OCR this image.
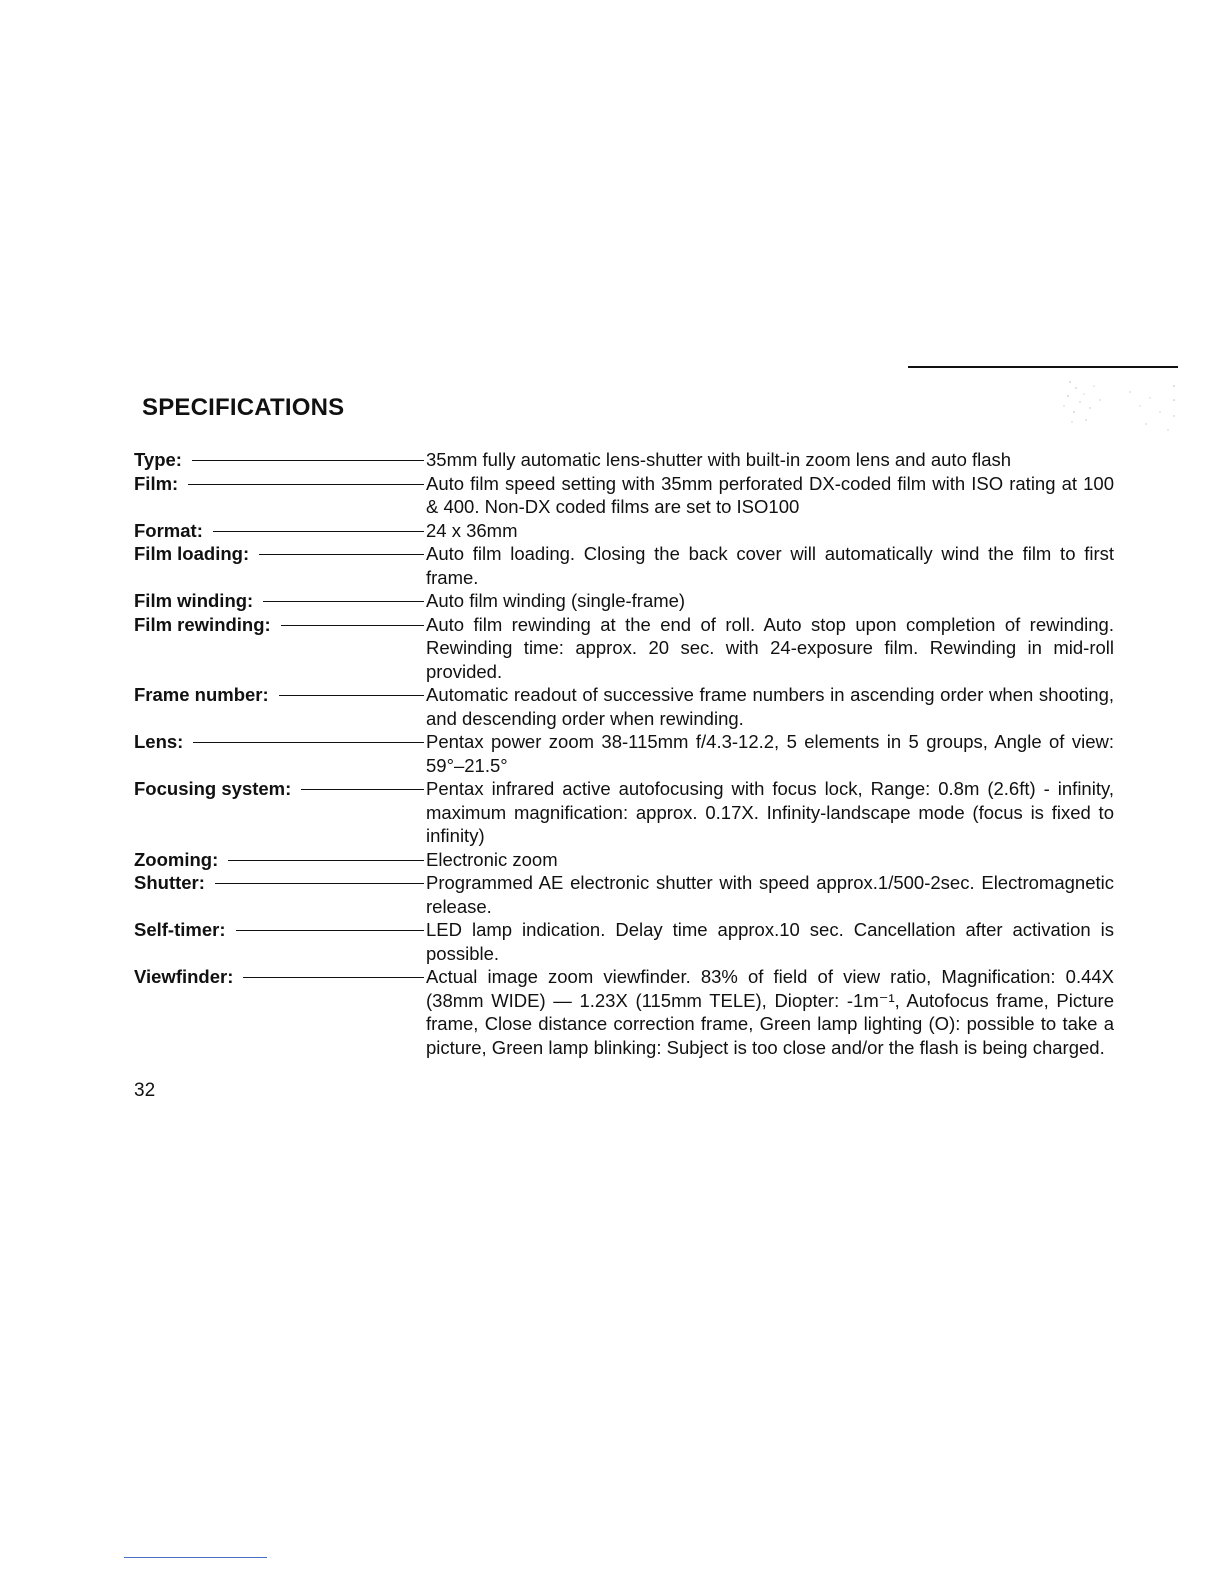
SPECIFICATIONS
Type:	35mm fully automatic lens-shutter with built-in zoom lens and auto flash
Film:	Auto film speed setting with 35mm perforated DX-coded film with ISO rating at 100 & 400. Non-DX coded films are set to ISO100
Format:	24 x 36mm
Film loading:	Auto film loading. Closing the back cover will automatically wind the film to first frame.
Film winding:	Auto film winding (single-frame)
Film rewinding:	Auto film rewinding at the end of roll. Auto stop upon completion of rewinding. Rewinding time: approx. 20 sec. with 24-exposure film. Rewinding in mid-roll provided.
Frame number:	Automatic readout of successive frame numbers in ascending order when shooting, and descending order when rewinding.
Lens:	Pentax power zoom 38-115mm f/4.3-12.2, 5 elements in 5 groups, Angle of view: 59°–21.5°
Focusing system:	Pentax infrared active autofocusing with focus lock, Range: 0.8m (2.6ft) - infinity, maximum magnification: approx. 0.17X. Infinity-landscape mode (focus is fixed to infinity)
Zooming:	Electronic zoom
Shutter:	Programmed AE electronic shutter with speed approx.1/500-2sec. Electromagnetic release.
Self-timer:	LED lamp indication. Delay time approx.10 sec. Cancellation after activation is possible.
Viewfinder:	Actual image zoom viewfinder. 83% of field of view ratio, Magnification: 0.44X (38mm WIDE) — 1.23X (115mm TELE), Diopter: -1m⁻¹, Autofocus frame, Picture frame, Close distance correction frame, Green lamp lighting (O): possible to take a picture, Green lamp blinking: Subject is too close and/or the flash is being charged.
32
